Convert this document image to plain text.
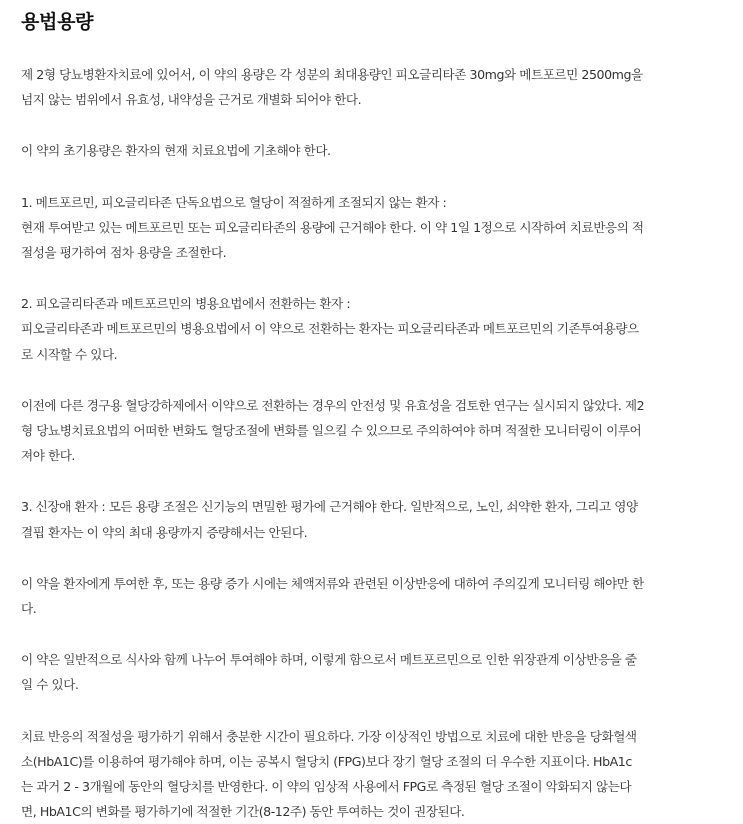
용법용량

제 2형 당뇨병환자치료에 있어서, 이 약의 용량은 각 성분의 최대용량인 피오글리타존 30mg와 메트포르민 2500mg을
넘지 않는 범위에서 유효성, 내약성을 근거로 개별화 되어야 한다.

이 약의 초기용량은 환자의 현재 치료요법에 기초해야 한다.

1. 메트포르민, 피오글리타존 단독요법으로 혈당이 적절하게 조절되지 않는 환자 :
현재 투여받고 있는 메트포르민 또는 피오글리타존의 용량에 근거해야 한다. 이 약 1일 1정으로 시작하여 치료반응의 적
절성을 평가하여 점차 용량을 조절한다.

2. 피오글리타존과 메트포르민의 병용요법에서 전환하는 환자 :
피오글리타존과 메트포르민의 병용요법에서 이 약으로 전환하는 환자는 피오글리타존과 메트포르민의 기존투여용량으
로 시작할 수 있다.

이전에 다른 경구용 혈당강하제에서 이약으로 전환하는 경우의 안전성 및 유효성을 검토한 연구는 실시되지 않았다. 제2
형 당뇨병치료요법의 어떠한 변화도 혈당조절에 변화를 일으킬 수 있으므로 주의하여야 하며 적절한 모니터링이 이루어
져야 한다.

3. 신장애 환자 : 모든 용량 조절은 신기능의 면밀한 평가에 근거해야 한다. 일반적으로, 노인, 쇠약한 환자, 그리고 영양
결핍 환자는 이 약의 최대 용량까지 증량해서는 안된다.

이 약을 환자에게 투여한 후, 또는 용량 증가 시에는 체액저류와 관련된 이상반응에 대하여 주의깊게 모니터링 해야만 한
다.

이 약은 일반적으로 식사와 함께 나누어 투여해야 하며, 이렇게 함으로서 메트포르민으로 인한 위장관계 이상반응을 줄
일 수 있다.

치료 반응의 적절성을 평가하기 위해서 충분한 시간이 필요하다. 가장 이상적인 방법으로 치료에 대한 반응을 당화혈색
소(HbA1C)를 이용하여 평가해야 하며, 이는 공복시 혈당치 (FPG)보다 장기 혈당 조절의 더 우수한 지표이다. HbA1c
는 과거 2 - 3개월에 동안의 혈당치를 반영한다. 이 약의 임상적 사용에서 FPG로 측정된 혈당 조절이 악화되지 않는다
면, HbA1C의 변화를 평가하기에 적절한 기간(8-12주) 동안 투여하는 것이 권장된다.
